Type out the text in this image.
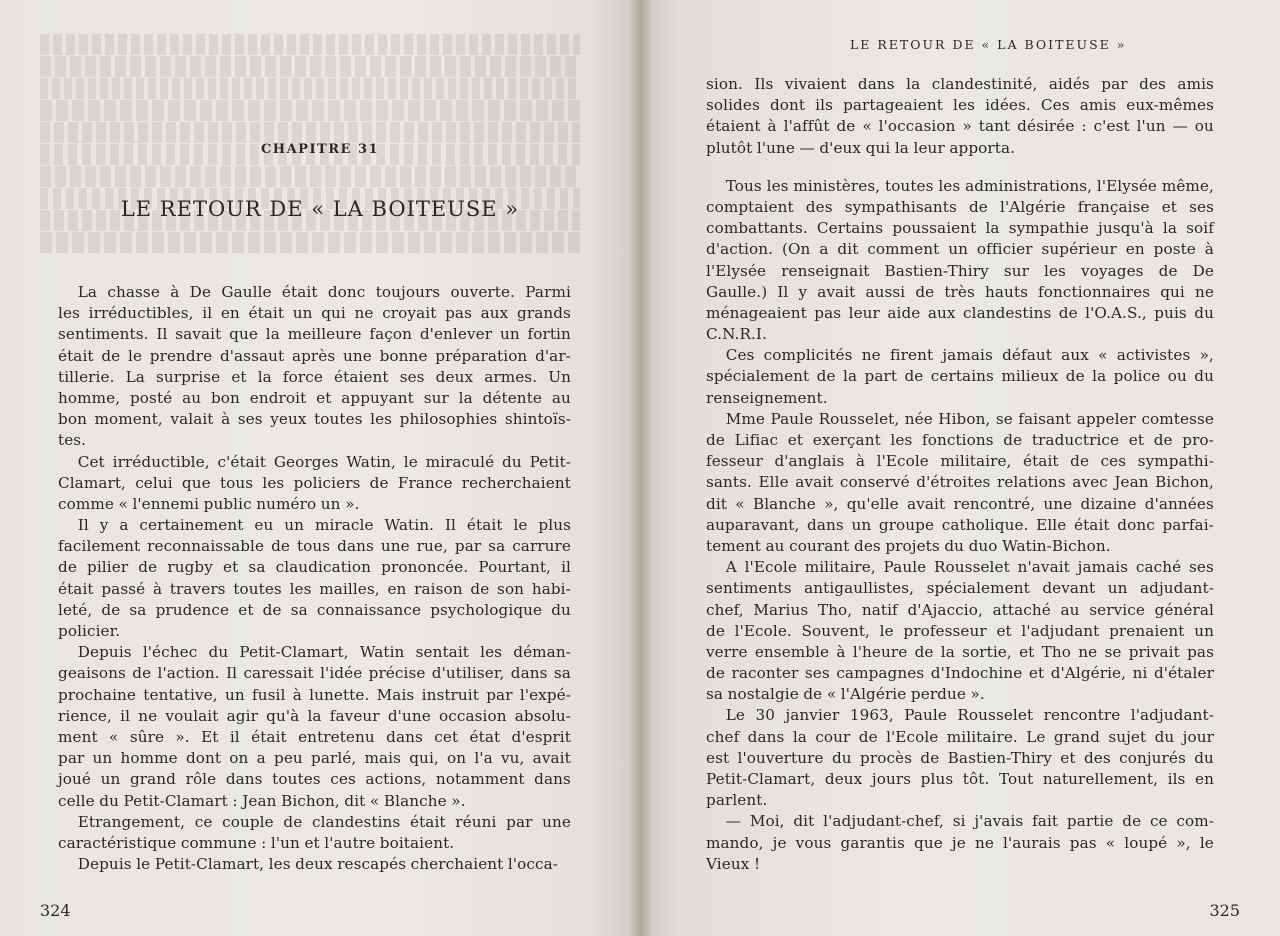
CHAPITRE 31
LE RETOUR DE « LA BOITEUSE »
La chasse à De Gaulle était donc toujours ouverte. Parmi
les irréductibles, il en était un qui ne croyait pas aux grands
sentiments. Il savait que la meilleure façon d'enlever un fortin
était de le prendre d'assaut après une bonne préparation d'ar-
tillerie. La surprise et la force étaient ses deux armes. Un
homme, posté au bon endroit et appuyant sur la détente au
bon moment, valait à ses yeux toutes les philosophies shintoïs-
tes.
Cet irréductible, c'était Georges Watin, le miraculé du Petit-
Clamart, celui que tous les policiers de France recherchaient
comme « l'ennemi public numéro un ».
Il y a certainement eu un miracle Watin. Il était le plus
facilement reconnaissable de tous dans une rue, par sa carrure
de pilier de rugby et sa claudication prononcée. Pourtant, il
était passé à travers toutes les mailles, en raison de son habi-
leté, de sa prudence et de sa connaissance psychologique du
policier.
Depuis l'échec du Petit-Clamart, Watin sentait les déman-
geaisons de l'action. Il caressait l'idée précise d'utiliser, dans sa
prochaine tentative, un fusil à lunette. Mais instruit par l'expé-
rience, il ne voulait agir qu'à la faveur d'une occasion absolu-
ment « sûre ». Et il était entretenu dans cet état d'esprit
par un homme dont on a peu parlé, mais qui, on l'a vu, avait
joué un grand rôle dans toutes ces actions, notamment dans
celle du Petit-Clamart : Jean Bichon, dit « Blanche ».
Etrangement, ce couple de clandestins était réuni par une
caractéristique commune : l'un et l'autre boitaient.
Depuis le Petit-Clamart, les deux rescapés cherchaient l'occa-
324
LE RETOUR DE « LA BOITEUSE »
sion. Ils vivaient dans la clandestinité, aidés par des amis
solides dont ils partageaient les idées. Ces amis eux-mêmes
étaient à l'affût de « l'occasion » tant désirée : c'est l'un — ou
plutôt l'une — d'eux qui la leur apporta.
Tous les ministères, toutes les administrations, l'Elysée même,
comptaient des sympathisants de l'Algérie française et ses
combattants. Certains poussaient la sympathie jusqu'à la soif
d'action. (On a dit comment un officier supérieur en poste à
l'Elysée renseignait Bastien-Thiry sur les voyages de De
Gaulle.) Il y avait aussi de très hauts fonctionnaires qui ne
ménageaient pas leur aide aux clandestins de l'O.A.S., puis du
C.N.R.I.
Ces complicités ne firent jamais défaut aux « activistes »,
spécialement de la part de certains milieux de la police ou du
renseignement.
Mme Paule Rousselet, née Hibon, se faisant appeler comtesse
de Lifiac et exerçant les fonctions de traductrice et de pro-
fesseur d'anglais à l'Ecole militaire, était de ces sympathi-
sants. Elle avait conservé d'étroites relations avec Jean Bichon,
dit « Blanche », qu'elle avait rencontré, une dizaine d'années
auparavant, dans un groupe catholique. Elle était donc parfai-
tement au courant des projets du duo Watin-Bichon.
A l'Ecole militaire, Paule Rousselet n'avait jamais caché ses
sentiments antigaullistes, spécialement devant un adjudant-
chef, Marius Tho, natif d'Ajaccio, attaché au service général
de l'Ecole. Souvent, le professeur et l'adjudant prenaient un
verre ensemble à l'heure de la sortie, et Tho ne se privait pas
de raconter ses campagnes d'Indochine et d'Algérie, ni d'étaler
sa nostalgie de « l'Algérie perdue ».
Le 30 janvier 1963, Paule Rousselet rencontre l'adjudant-
chef dans la cour de l'Ecole militaire. Le grand sujet du jour
est l'ouverture du procès de Bastien-Thiry et des conjurés du
Petit-Clamart, deux jours plus tôt. Tout naturellement, ils en
parlent.
— Moi, dit l'adjudant-chef, si j'avais fait partie de ce com-
mando, je vous garantis que je ne l'aurais pas « loupé », le
Vieux !
325
